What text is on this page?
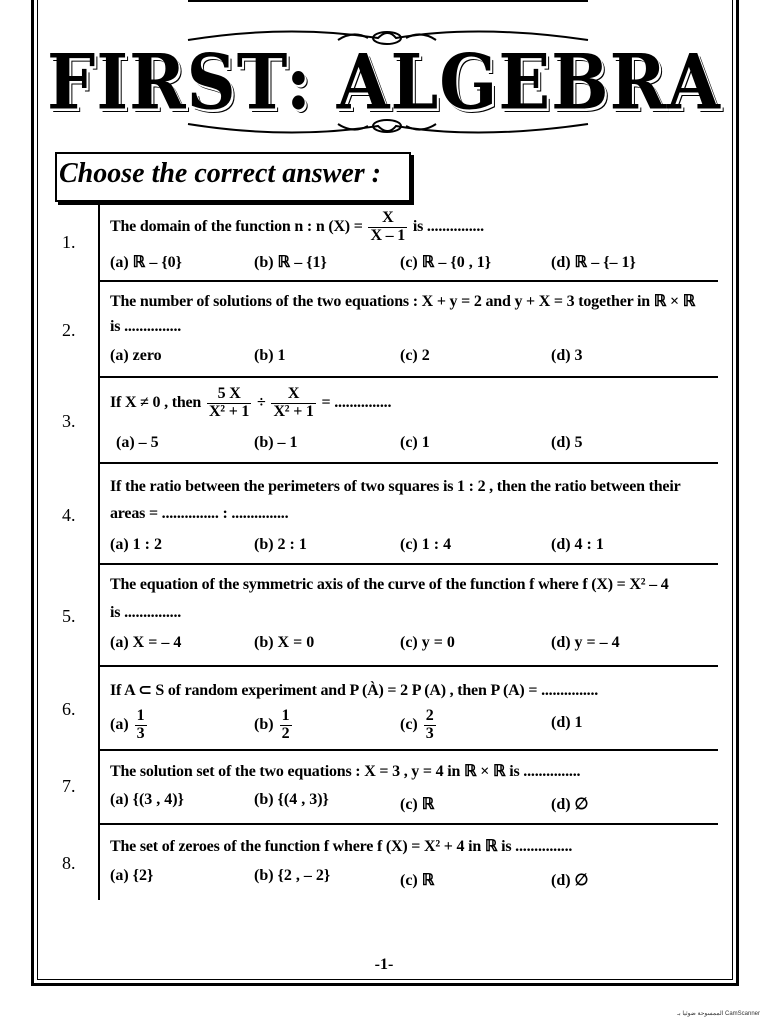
FIRST: ALGEBRA
Choose the correct answer :
1.
The domain of the function n : n $(X) = \frac{X}{X - 1}$ is ...............
(a) ℝ – {0}	(b) ℝ – {1}	(c) ℝ – {0 , 1}	(d) ℝ – {– 1}
2.
The number of solutions of the two equations : X + y = 2 and y + X = 3 together in ℝ × ℝ
is ...............
(a) zero	(b) 1	(c) 2	(d) 3
3.
If X ≠ 0 , then $\frac{5 X}{\text{X² + 1}} \div \frac{X}{\text{X² + 1}}$ = ...............
(a) – 5	(b) – 1	(c) 1	(d) 5
4.
If the ratio between the perimeters of two squares is 1 : 2 , then the ratio between their
areas = ............... : ...............
(a) 1 : 2	(b) 2 : 1	(c) 1 : 4	(d) 4 : 1
5.
The equation of the symmetric axis of the curve of the function f where f (X) = X² – 4
is ...............
(a) X = – 4	(b) X = 0	(c) y = 0	(d) y = – 4
6.
If A ⊂ S of random experiment and P (À) = 2 P (A) , then P (A) = ...............
$(a) \frac{1}{3}$	$(b) \frac{1}{2}$	$(c) \frac{2}{3}$	(d) 1
7.
The solution set of the two equations : X = 3 , y = 4 in ℝ × ℝ is ...............
(a) {(3 , 4)}	(b) {(4 , 3)}	(c) ℝ	(d) ∅
8.
The set of zeroes of the function f where f (X) = X² + 4 in ℝ is ...............
(a) {2}	(b) {2 , – 2}	(c) ℝ	(d) ∅
-1-
الممسوحة ضوئيا بـ CamScanner
